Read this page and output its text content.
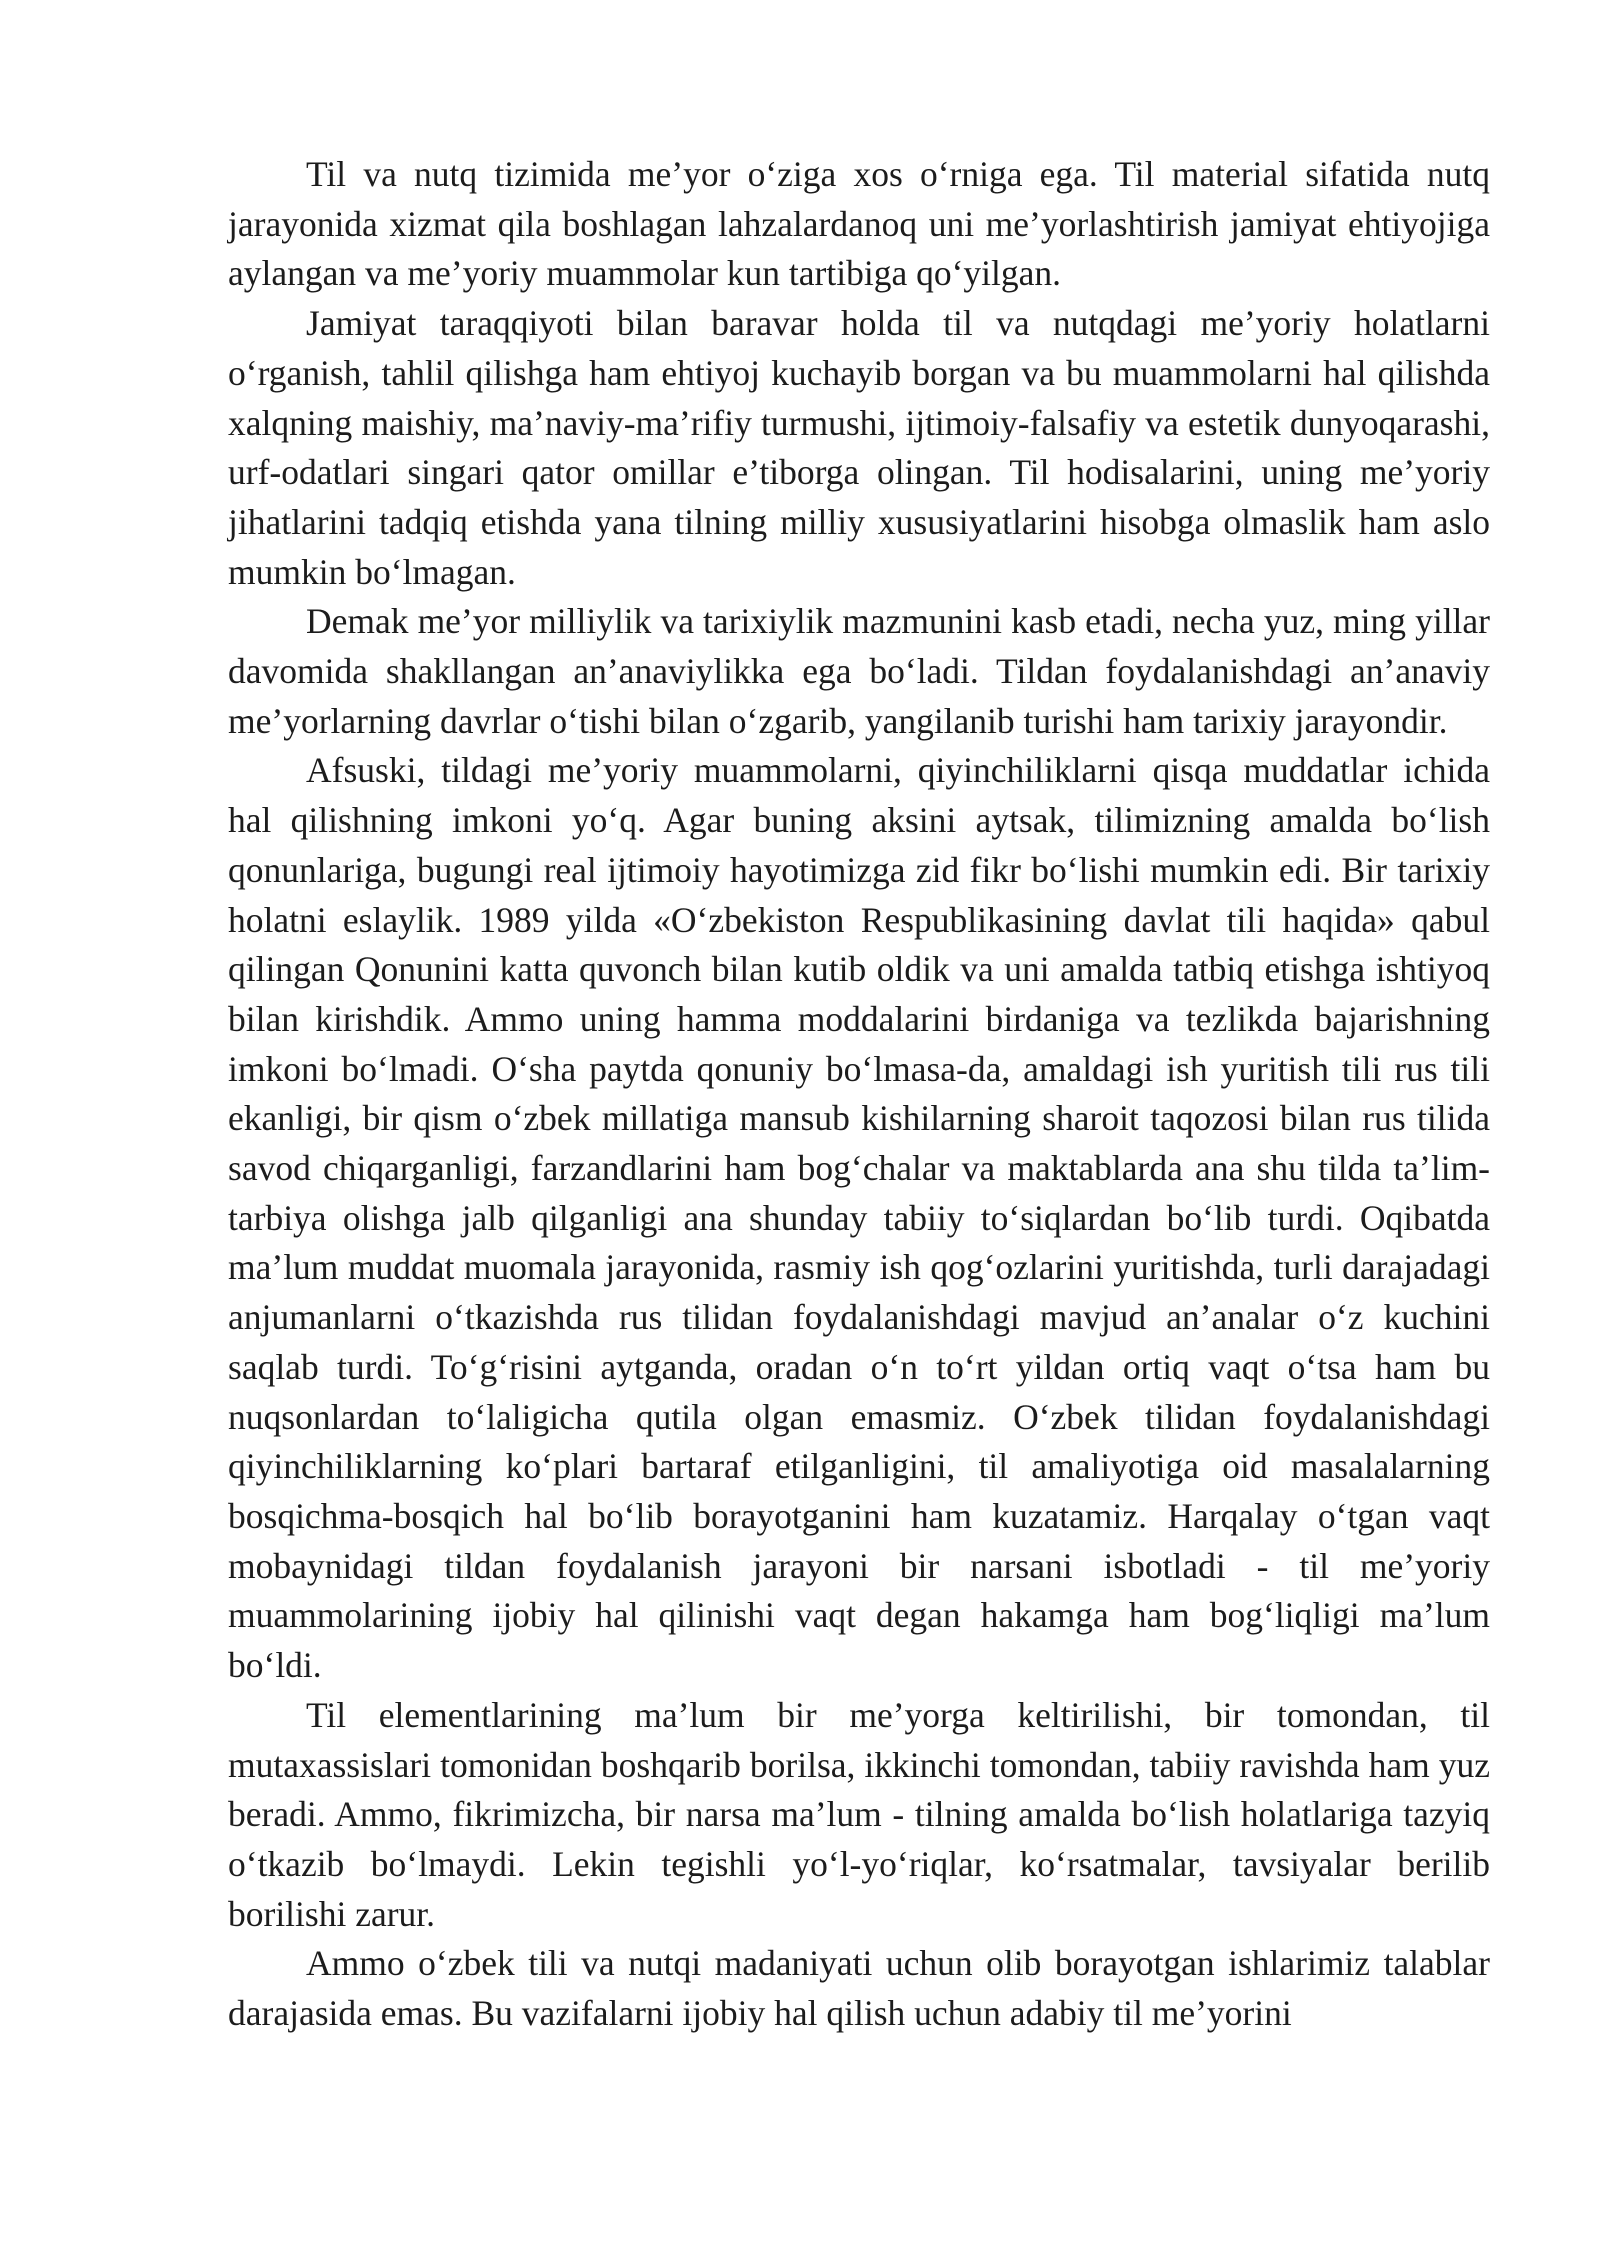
Til va nutq tizimida me’yor o‘ziga xos o‘rniga ega. Til material sifatida nutq jarayonida xizmat qila boshlagan lahzalardanoq uni me’yorlashtirish jamiyat ehtiyojiga aylangan va me’yoriy muammolar kun tartibiga qo‘yilgan.

Jamiyat taraqqiyoti bilan baravar holda til va nutqdagi me’yoriy holatlarni o‘rganish, tahlil qilishga ham ehtiyoj kuchayib borgan va bu muammolarni hal qilishda xalqning maishiy, ma’naviy-ma’rifiy turmushi, ijtimoiy-falsafiy va estetik dunyoqarashi, urf-odatlari singari qator omillar e’tiborga olingan. Til hodisalarini, uning me’yoriy jihatlarini tadqiq etishda yana tilning milliy xususiyatlarini hisobga olmaslik ham aslo mumkin bo‘lmagan.

Demak me’yor milliylik va tarixiylik mazmunini kasb etadi, necha yuz, ming yillar davomida shakllangan an’anaviylikka ega bo‘ladi. Tildan foydalanishdagi an’anaviy me’yorlarning davrlar o‘tishi bilan o‘zgarib, yangilanib turishi ham tarixiy jarayondir.

Afsuski, tildagi me’yoriy muammolarni, qiyinchiliklarni qisqa muddatlar ichida hal qilishning imkoni yo‘q. Agar buning aksini aytsak, tilimizning amalda bo‘lish qonunlariga, bugungi real ijtimoiy hayotimizga zid fikr bo‘lishi mumkin edi. Bir tarixiy holatni eslaylik. 1989 yilda «O‘zbekiston Respublikasining davlat tili haqida» qabul qilingan Qonunini katta quvonch bilan kutib oldik va uni amalda tatbiq etishga ishtiyoq bilan kirishdik. Ammo uning hamma moddalarini birdaniga va tezlikda bajarishning imkoni bo‘lmadi. O‘sha paytda qonuniy bo‘lmasa-da, amaldagi ish yuritish tili rus tili ekanligi, bir qism o‘zbek millatiga mansub kishilarning sharoit taqozosi bilan rus tilida savod chiqarganligi, farzandlarini ham bog‘chalar va maktablarda ana shu tilda ta’lim-tarbiya olishga jalb qilganligi ana shunday tabiiy to‘siqlardan bo‘lib turdi. Oqibatda ma’lum muddat muomala jarayonida, rasmiy ish qog‘ozlarini yuritishda, turli darajadagi anjumanlarni o‘tkazishda rus tilidan foydalanishdagi mavjud an’analar o‘z kuchini saqlab turdi. To‘g‘risini aytganda, oradan o‘n to‘rt yildan ortiq vaqt o‘tsa ham bu nuqsonlardan to‘laligicha qutila olgan emasmiz. O‘zbek tilidan foydalanishdagi qiyinchiliklarning ko‘plari bartaraf etilganligini, til amaliyotiga oid masalalarning bosqichma-bosqich hal bo‘lib borayotganini ham kuzatamiz. Harqalay o‘tgan vaqt mobaynidagi tildan foydalanish jarayoni bir narsani isbotladi - til me’yoriy muammolarining ijobiy hal qilinishi vaqt degan hakamga ham bog‘liqligi ma’lum bo‘ldi.

Til elementlarining ma’lum bir me’yorga keltirilishi, bir tomondan, til mutaxassislari tomonidan boshqarib borilsa, ikkinchi tomondan, tabiiy ravishda ham yuz beradi. Ammo, fikrimizcha, bir narsa ma’lum - tilning amalda bo‘lish holatlariga tazyiq o‘tkazib bo‘lmaydi. Lekin tegishli yo‘l-yo‘riqlar, ko‘rsatmalar, tavsiyalar berilib borilishi zarur.

Ammo o‘zbek tili va nutqi madaniyati uchun olib borayotgan ishlarimiz talablar darajasida emas. Bu vazifalarni ijobiy hal qilish uchun adabiy til me’yorini
